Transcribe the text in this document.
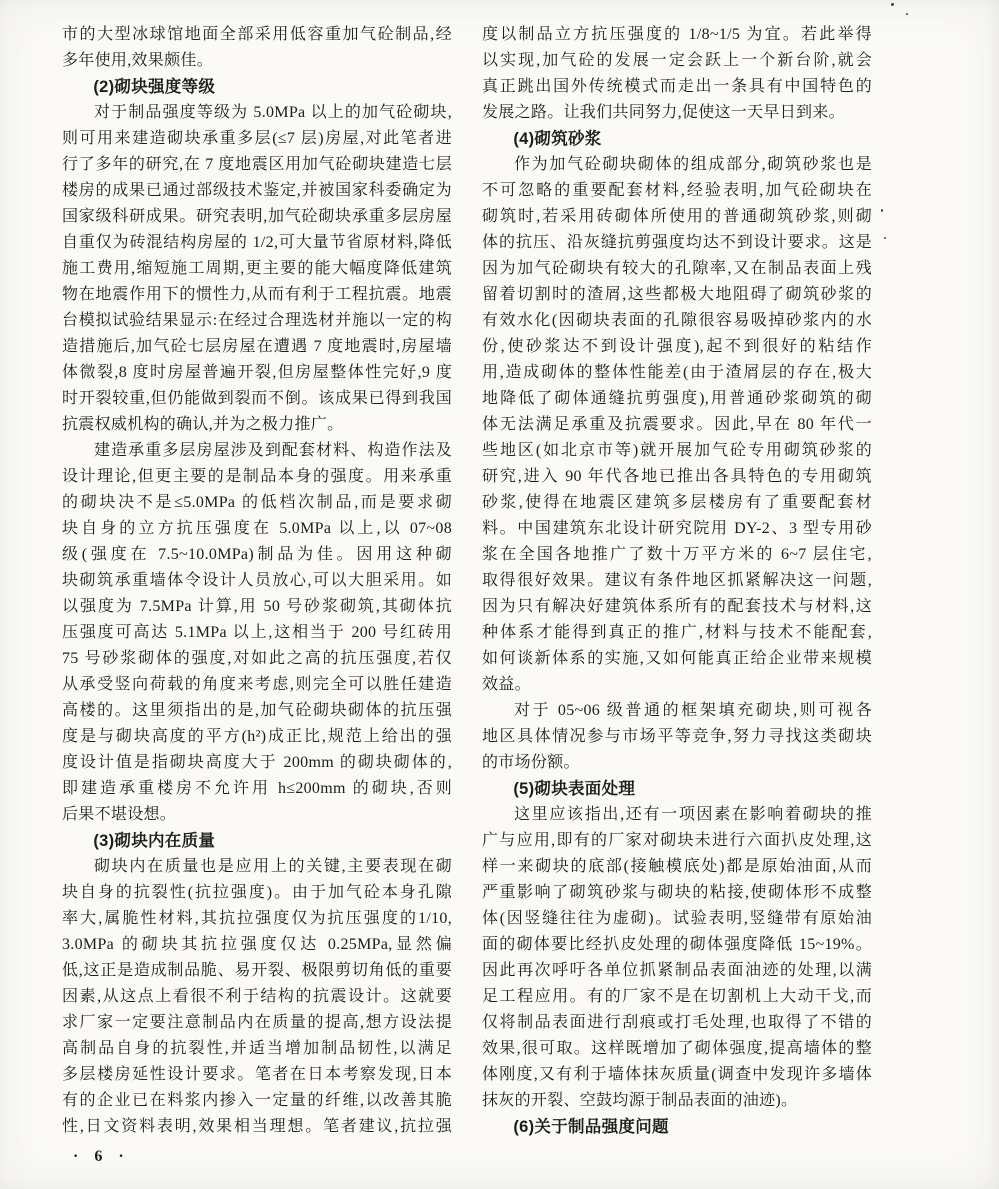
市的大型冰球馆地面全部采用低容重加气砼制品,经
多年使用,效果颇佳。
(2)砌块强度等级
对于制品强度等级为 5.0MPa 以上的加气砼砌块,
则可用来建造砌块承重多层(≤7 层)房屋,对此笔者进
行了多年的研究,在 7 度地震区用加气砼砌块建造七层
楼房的成果已通过部级技术鉴定,并被国家科委确定为
国家级科研成果。研究表明,加气砼砌块承重多层房屋
自重仅为砖混结构房屋的 1/2,可大量节省原材料,降低
施工费用,缩短施工周期,更主要的能大幅度降低建筑
物在地震作用下的惯性力,从而有利于工程抗震。地震
台模拟试验结果显示:在经过合理选材并施以一定的构
造措施后,加气砼七层房屋在遭遇 7 度地震时,房屋墙
体微裂,8 度时房屋普遍开裂,但房屋整体性完好,9 度
时开裂较重,但仍能做到裂而不倒。该成果已得到我国
抗震权威机构的确认,并为之极力推广。
建造承重多层房屋涉及到配套材料、构造作法及
设计理论,但更主要的是制品本身的强度。用来承重
的砌块决不是≤5.0MPa 的低档次制品,而是要求砌
块自身的立方抗压强度在 5.0MPa 以上,以 07~08
级(强度在 7.5~10.0MPa)制品为佳。因用这种砌
块砌筑承重墙体令设计人员放心,可以大胆采用。如
以强度为 7.5MPa 计算,用 50 号砂浆砌筑,其砌体抗
压强度可高达 5.1MPa 以上,这相当于 200 号红砖用
75 号砂浆砌体的强度,对如此之高的抗压强度,若仅
从承受竖向荷载的角度来考虑,则完全可以胜任建造
高楼的。这里须指出的是,加气砼砌块砌体的抗压强
度是与砌块高度的平方(h²)成正比,规范上给出的强
度设计值是指砌块高度大于 200mm 的砌块砌体的,
即建造承重楼房不允许用 h≤200mm 的砌块,否则
后果不堪设想。
(3)砌块内在质量
砌块内在质量也是应用上的关键,主要表现在砌
块自身的抗裂性(抗拉强度)。由于加气砼本身孔隙
率大,属脆性材料,其抗拉强度仅为抗压强度的1/10,
3.0MPa 的砌块其抗拉强度仅达 0.25MPa,显然偏
低,这正是造成制品脆、易开裂、极限剪切角低的重要
因素,从这点上看很不利于结构的抗震设计。这就要
求厂家一定要注意制品内在质量的提高,想方设法提
高制品自身的抗裂性,并适当增加制品韧性,以满足
多层楼房延性设计要求。笔者在日本考察发现,日本
有的企业已在料浆内掺入一定量的纤维,以改善其脆
性,日文资料表明,效果相当理想。笔者建议,抗拉强
度以制品立方抗压强度的 1/8~1/5 为宜。若此举得
以实现,加气砼的发展一定会跃上一个新台阶,就会
真正跳出国外传统模式而走出一条具有中国特色的
发展之路。让我们共同努力,促使这一天早日到来。
(4)砌筑砂浆
作为加气砼砌块砌体的组成部分,砌筑砂浆也是
不可忽略的重要配套材料,经验表明,加气砼砌块在
砌筑时,若采用砖砌体所使用的普通砌筑砂浆,则砌
体的抗压、沿灰缝抗剪强度均达不到设计要求。这是
因为加气砼砌块有较大的孔隙率,又在制品表面上残
留着切割时的渣屑,这些都极大地阻碍了砌筑砂浆的
有效水化(因砌块表面的孔隙很容易吸掉砂浆内的水
份,使砂浆达不到设计强度),起不到很好的粘结作
用,造成砌体的整体性能差(由于渣屑层的存在,极大
地降低了砌体通缝抗剪强度),用普通砂浆砌筑的砌
体无法满足承重及抗震要求。因此,早在 80 年代一
些地区(如北京市等)就开展加气砼专用砌筑砂浆的
研究,进入 90 年代各地已推出各具特色的专用砌筑
砂浆,使得在地震区建筑多层楼房有了重要配套材
料。中国建筑东北设计研究院用 DY-2、3 型专用砂
浆在全国各地推广了数十万平方米的 6~7 层住宅,
取得很好效果。建议有条件地区抓紧解决这一问题,
因为只有解决好建筑体系所有的配套技术与材料,这
种体系才能得到真正的推广,材料与技术不能配套,
如何谈新体系的实施,又如何能真正给企业带来规模
效益。
对于 05~06 级普通的框架填充砌块,则可视各
地区具体情况参与市场平等竞争,努力寻找这类砌块
的市场份额。
(5)砌块表面处理
这里应该指出,还有一项因素在影响着砌块的推
广与应用,即有的厂家对砌块未进行六面扒皮处理,这
样一来砌块的底部(接触模底处)都是原始油面,从而
严重影响了砌筑砂浆与砌块的粘接,使砌体形不成整
体(因竖缝往往为虚砌)。试验表明,竖缝带有原始油
面的砌体要比经扒皮处理的砌体强度降低 15~19%。
因此再次呼吁各单位抓紧制品表面油迹的处理,以满
足工程应用。有的厂家不是在切割机上大动干戈,而
仅将制品表面进行刮痕或打毛处理,也取得了不错的
效果,很可取。这样既增加了砌体强度,提高墙体的整
体刚度,又有利于墙体抹灰质量(调查中发现许多墙体
抹灰的开裂、空鼓均源于制品表面的油迹)。
(6)关于制品强度问题
· 6 ·
